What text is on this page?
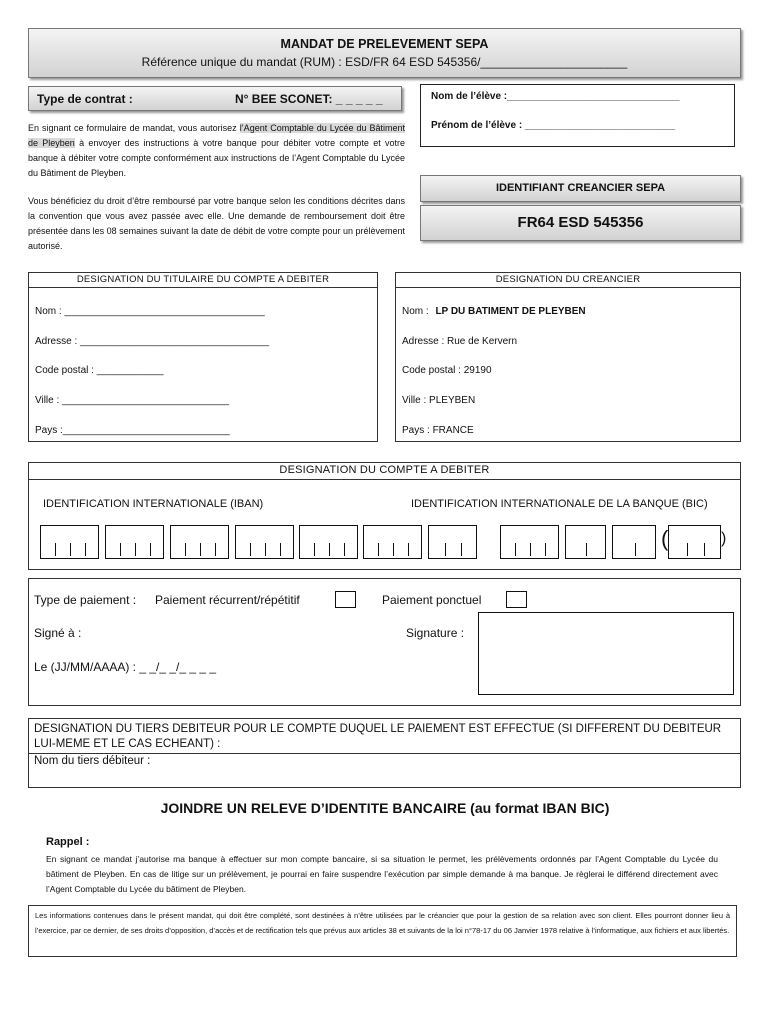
MANDAT DE PRELEVEMENT SEPA
Référence unique du mandat (RUM) : ESD/FR 64 ESD 545356/______________________
Type de contrat :	N° BEE SCONET: _ _ _ _ _
En signant ce formulaire de mandat, vous autorisez l’Agent Comptable du Lycée du Bâtiment de Pleyben à envoyer des instructions à votre banque pour débiter votre compte et votre banque à débiter votre compte conformément aux instructions de l’Agent Comptable du Lycée du Bâtiment de Pleyben.
Vous bénéficiez du droit d’être remboursé par votre banque selon les conditions décrites dans la convention que vous avez passée avec elle. Une demande de remboursement doit être présentée dans les 08 semaines suivant la date de débit de votre compte pour un prélèvement autorisé.
Nom de l’élève :_______________________________
Prénom de l’élève : ___________________________
IDENTIFIANT CREANCIER SEPA
FR64 ESD 545356
DESIGNATION DU TITULAIRE DU COMPTE A DEBITER
Nom : ____________________________________
Adresse : __________________________________
Code postal : ____________
Ville : ______________________________
Pays :______________________________
DESIGNATION DU CREANCIER
Nom : LP DU BATIMENT DE PLEYBEN
Adresse : Rue de Kervern
Code postal : 29190
Ville : PLEYBEN
Pays : FRANCE
DESIGNATION DU COMPTE A DEBITER
IDENTIFICATION INTERNATIONALE (IBAN)	IDENTIFICATION INTERNATIONALE DE LA BANQUE (BIC)
(	)
Type de paiement : Paiement récurrent/répétitif	Paiement ponctuel
Signé à :	Signature :
Le (JJ/MM/AAAA) : _ _/_ _/_ _ _ _
DESIGNATION DU TIERS DEBITEUR POUR LE COMPTE DUQUEL LE PAIEMENT EST EFFECTUE (SI DIFFERENT DU DEBITEUR LUI-MEME ET LE CAS ECHEANT) :
Nom du tiers débiteur :
JOINDRE UN RELEVE D’IDENTITE BANCAIRE (au format IBAN BIC)
Rappel :
En signant ce mandat j’autorise ma banque à effectuer sur mon compte bancaire, si sa situation le permet, les prélèvements ordonnés par l’Agent Comptable du Lycée du bâtiment de Pleyben. En cas de litige sur un prélèvement, je pourrai en faire suspendre l’exécution par simple demande à ma banque. Je règlerai le différend directement avec l’Agent Comptable du Lycée du bâtiment de Pleyben.
Les informations contenues dans le présent mandat, qui doit être complété, sont destinées à n’être utilisées par le créancier que pour la gestion de sa relation avec son client. Elles pourront donner lieu à l’exercice, par ce dernier, de ses droits d’opposition, d’accès et de rectification tels que prévus aux articles 38 et suivants de la loi n°78-17 du 06 Janvier 1978 relative à l’informatique, aux fichiers et aux libertés.
